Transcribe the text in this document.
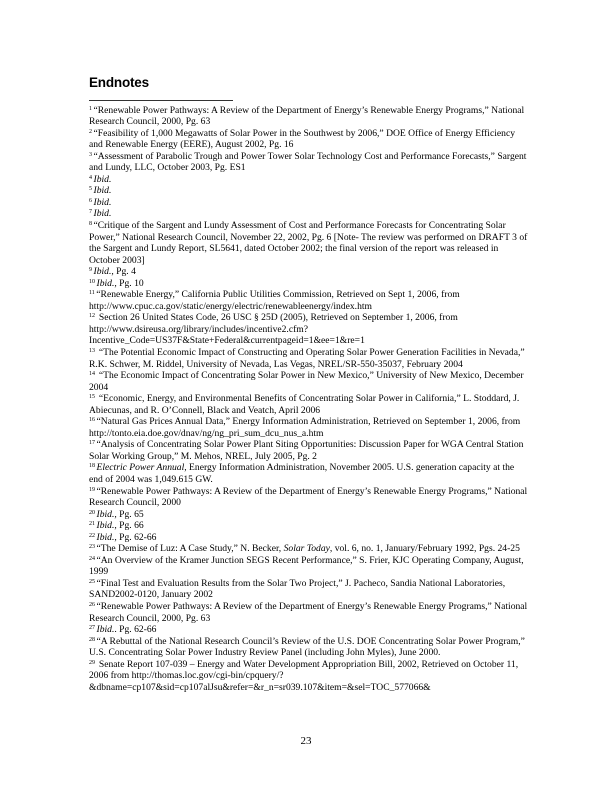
Endnotes

$^1$ “Renewable Power Pathways: A Review of the Department of Energy’s Renewable Energy Programs,” National Research Council, 2000, Pg. 63

$^2$ “Feasibility of 1,000 Megawatts of Solar Power in the Southwest by 2006,” DOE Office of Energy Efficiency and Renewable Energy (EERE), August 2002, Pg. 16

$^3$ “Assessment of Parabolic Trough and Power Tower Solar Technology Cost and Performance Forecasts,” Sargent and Lundy, LLC, October 2003, Pg. ES1

$^4$ Ibid.

$^5$ Ibid.

$^6$ Ibid.

$^7$ Ibid.

$^8$ “Critique of the Sargent and Lundy Assessment of Cost and Performance Forecasts for Concentrating Solar Power,” National Research Council, November 22, 2002, Pg. 6 [Note- The review was performed on DRAFT 3 of the Sargent and Lundy Report, SL5641, dated October 2002; the final version of the report was released in October 2003]

$^9$ Ibid., Pg. 4

$^{10}$ Ibid., Pg. 10

$^{11}$ “Renewable Energy,” California Public Utilities Commission, Retrieved on Sept 1, 2006, from http://www.cpuc.ca.gov/static/energy/electric/renewableenergy/index.htm

$^{12}$ Section 26 United States Code, 26 USC § 25D (2005), Retrieved on September 1, 2006, from http://www.dsireusa.org/library/includes/incentive2.cfm?Incentive_Code=US37F&State+Federal&currentpageid=1&ee=1&re=1

$^{13}$ “The Potential Economic Impact of Constructing and Operating Solar Power Generation Facilities in Nevada,” R.K. Schwer, M. Riddel, University of Nevada, Las Vegas, NREL/SR-550-35037, February 2004

$^{14}$ “The Economic Impact of Concentrating Solar Power in New Mexico,” University of New Mexico, December 2004

$^{15}$ “Economic, Energy, and Environmental Benefits of Concentrating Solar Power in California,” L. Stoddard, J. Abiecunas, and R. O’Connell, Black and Veatch, April 2006

$^{16}$ “Natural Gas Prices Annual Data,” Energy Information Administration, Retrieved on September 1, 2006, from http://tonto.eia.doe.gov/dnav/ng/ng_pri_sum_dcu_nus_a.htm

$^{17}$ “Analysis of Concentrating Solar Power Plant Siting Opportunities: Discussion Paper for WGA Central Station Solar Working Group,” M. Mehos, NREL, July 2005, Pg. 2

$^{18}$ Electric Power Annual, Energy Information Administration, November 2005. U.S. generation capacity at the end of 2004 was 1,049.615 GW.

$^{19}$ “Renewable Power Pathways: A Review of the Department of Energy’s Renewable Energy Programs,” National Research Council, 2000

$^{20}$ Ibid., Pg. 65

$^{21}$ Ibid., Pg. 66

$^{22}$ Ibid., Pg. 62-66

$^{23}$ “The Demise of Luz: A Case Study,” N. Becker, Solar Today, vol. 6, no. 1, January/February 1992, Pgs. 24-25

$^{24}$ “An Overview of the Kramer Junction SEGS Recent Performance,” S. Frier, KJC Operating Company, August, 1999

$^{25}$ “Final Test and Evaluation Results from the Solar Two Project,” J. Pacheco, Sandia National Laboratories, SAND2002-0120, January 2002

$^{26}$ “Renewable Power Pathways: A Review of the Department of Energy’s Renewable Energy Programs,” National Research Council, 2000, Pg. 63

$^{27}$ Ibid.. Pg. 62-66

$^{28}$ “A Rebuttal of the National Research Council’s Review of the U.S. DOE Concentrating Solar Power Program,” U.S. Concentrating Solar Power Industry Review Panel (including John Myles), June 2000.

$^{29}$ Senate Report 107-039 – Energy and Water Development Appropriation Bill, 2002, Retrieved on October 11, 2006 from http://thomas.loc.gov/cgi-bin/cpquery/?&dbname=cp107&sid=cp107alJsu&refer=&r_n=sr039.107&item=&sel=TOC_577066&

23
